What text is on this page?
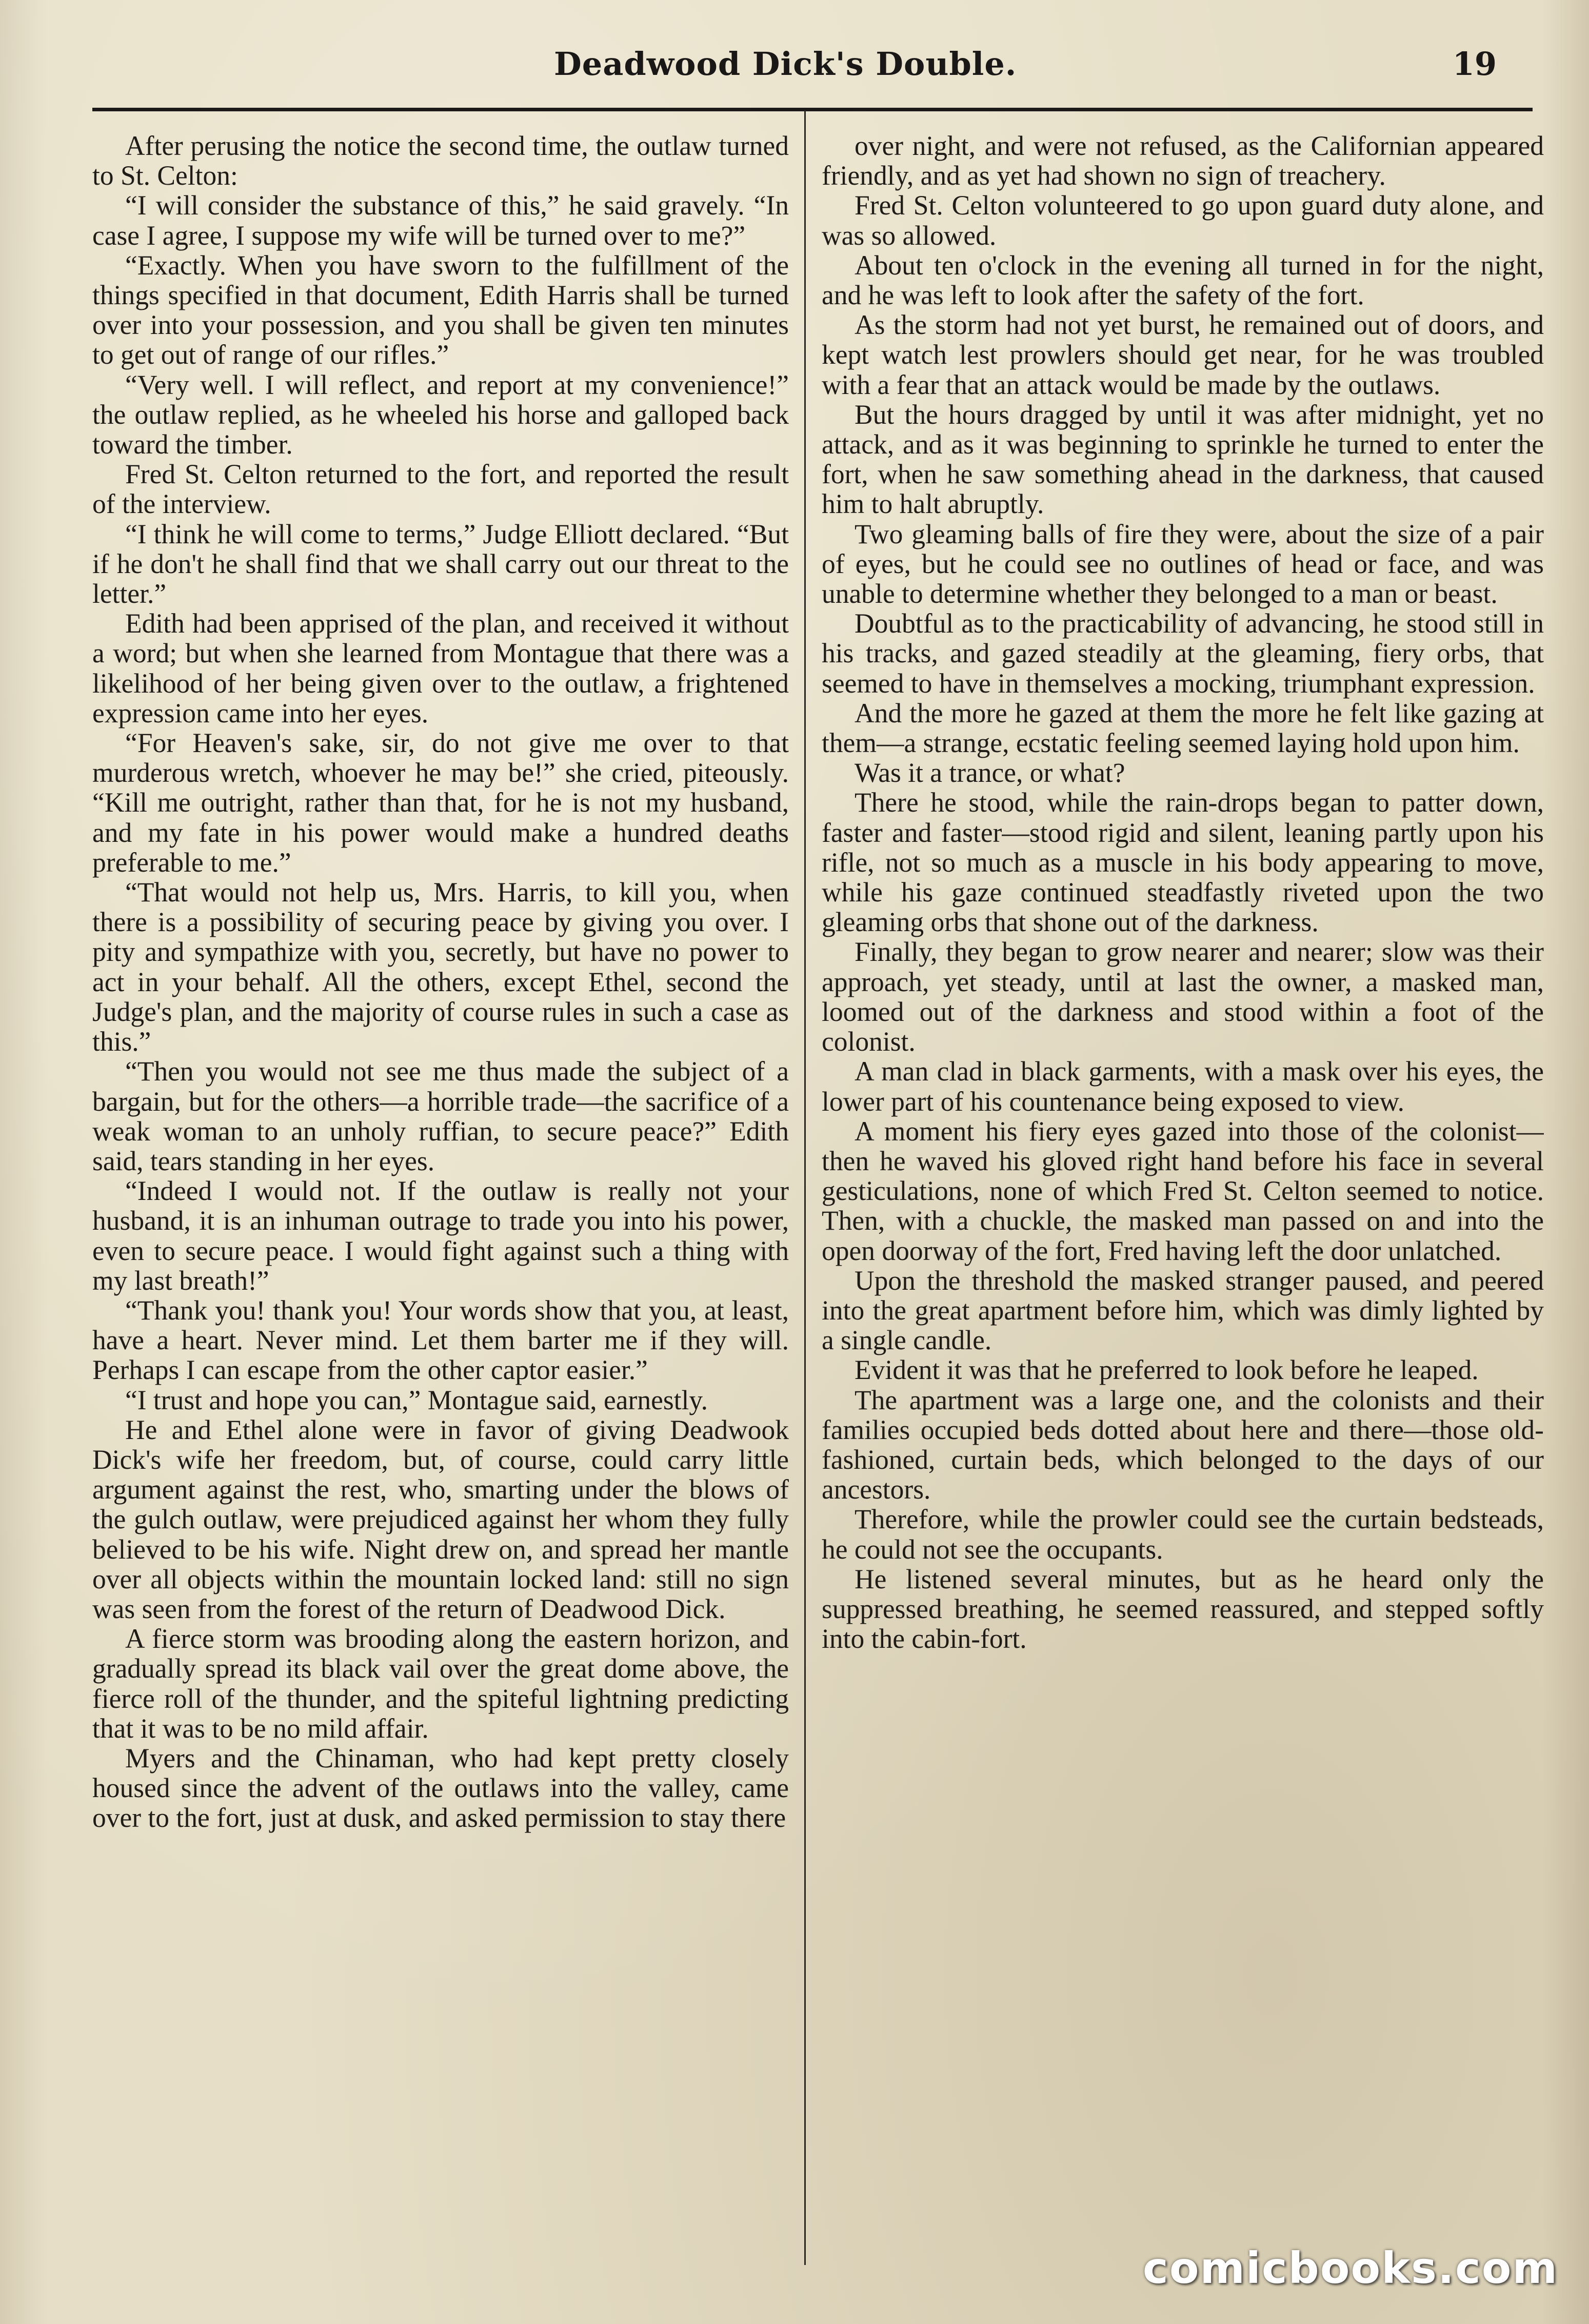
Deadwood Dick's Double.	19

After perusing the notice the second time, the outlaw turned to St. Celton:

“I will consider the substance of this,” he said gravely. “In case I agree, I suppose my wife will be turned over to me?”

“Exactly. When you have sworn to the fulfillment of the things specified in that document, Edith Harris shall be turned over into your possession, and you shall be given ten minutes to get out of range of our rifles.”

“Very well. I will reflect, and report at my convenience!” the outlaw replied, as he wheeled his horse and galloped back toward the timber.

Fred St. Celton returned to the fort, and reported the result of the interview.

“I think he will come to terms,” Judge Elliott declared. “But if he don't he shall find that we shall carry out our threat to the letter.”

Edith had been apprised of the plan, and received it without a word; but when she learned from Montague that there was a likelihood of her being given over to the outlaw, a frightened expression came into her eyes.

“For Heaven's sake, sir, do not give me over to that murderous wretch, whoever he may be!” she cried, piteously. “Kill me outright, rather than that, for he is not my husband, and my fate in his power would make a hundred deaths preferable to me.”

“That would not help us, Mrs. Harris, to kill you, when there is a possibility of securing peace by giving you over. I pity and sympathize with you, secretly, but have no power to act in your behalf. All the others, except Ethel, second the Judge's plan, and the majority of course rules in such a case as this.”

“Then you would not see me thus made the subject of a bargain, but for the others—a horrible trade—the sacrifice of a weak woman to an unholy ruffian, to secure peace?” Edith said, tears standing in her eyes.

“Indeed I would not. If the outlaw is really not your husband, it is an inhuman outrage to trade you into his power, even to secure peace. I would fight against such a thing with my last breath!”

“Thank you! thank you! Your words show that you, at least, have a heart. Never mind. Let them barter me if they will. Perhaps I can escape from the other captor easier.”

“I trust and hope you can,” Montague said, earnestly.

He and Ethel alone were in favor of giving Deadwook Dick's wife her freedom, but, of course, could carry little argument against the rest, who, smarting under the blows of the gulch outlaw, were prejudiced against her whom they fully believed to be his wife. Night drew on, and spread her mantle over all objects within the mountain locked land: still no sign was seen from the forest of the return of Deadwood Dick.

A fierce storm was brooding along the eastern horizon, and gradually spread its black vail over the great dome above, the fierce roll of the thunder, and the spiteful lightning predicting that it was to be no mild affair.

Myers and the Chinaman, who had kept pretty closely housed since the advent of the outlaws into the valley, came over to the fort, just at dusk, and asked permission to stay there

over night, and were not refused, as the Californian appeared friendly, and as yet had shown no sign of treachery.

Fred St. Celton volunteered to go upon guard duty alone, and was so allowed.

About ten o'clock in the evening all turned in for the night, and he was left to look after the safety of the fort.

As the storm had not yet burst, he remained out of doors, and kept watch lest prowlers should get near, for he was troubled with a fear that an attack would be made by the outlaws.

But the hours dragged by until it was after midnight, yet no attack, and as it was beginning to sprinkle he turned to enter the fort, when he saw something ahead in the darkness, that caused him to halt abruptly.

Two gleaming balls of fire they were, about the size of a pair of eyes, but he could see no outlines of head or face, and was unable to determine whether they belonged to a man or beast.

Doubtful as to the practicability of advancing, he stood still in his tracks, and gazed steadily at the gleaming, fiery orbs, that seemed to have in themselves a mocking, triumphant expression.

And the more he gazed at them the more he felt like gazing at them—a strange, ecstatic feeling seemed laying hold upon him.

Was it a trance, or what?

There he stood, while the rain-drops began to patter down, faster and faster—stood rigid and silent, leaning partly upon his rifle, not so much as a muscle in his body appearing to move, while his gaze continued steadfastly riveted upon the two gleaming orbs that shone out of the darkness.

Finally, they began to grow nearer and nearer; slow was their approach, yet steady, until at last the owner, a masked man, loomed out of the darkness and stood within a foot of the colonist.

A man clad in black garments, with a mask over his eyes, the lower part of his countenance being exposed to view.

A moment his fiery eyes gazed into those of the colonist—then he waved his gloved right hand before his face in several gesticulations, none of which Fred St. Celton seemed to notice. Then, with a chuckle, the masked man passed on and into the open doorway of the fort, Fred having left the door unlatched.

Upon the threshold the masked stranger paused, and peered into the great apartment before him, which was dimly lighted by a single candle.

Evident it was that he preferred to look before he leaped.

The apartment was a large one, and the colonists and their families occupied beds dotted about here and there—those old-fashioned, curtain beds, which belonged to the days of our ancestors.

Therefore, while the prowler could see the curtain bedsteads, he could not see the occupants.

He listened several minutes, but as he heard only the suppressed breathing, he seemed reassured, and stepped softly into the cabin-fort.

comicbooks.com
